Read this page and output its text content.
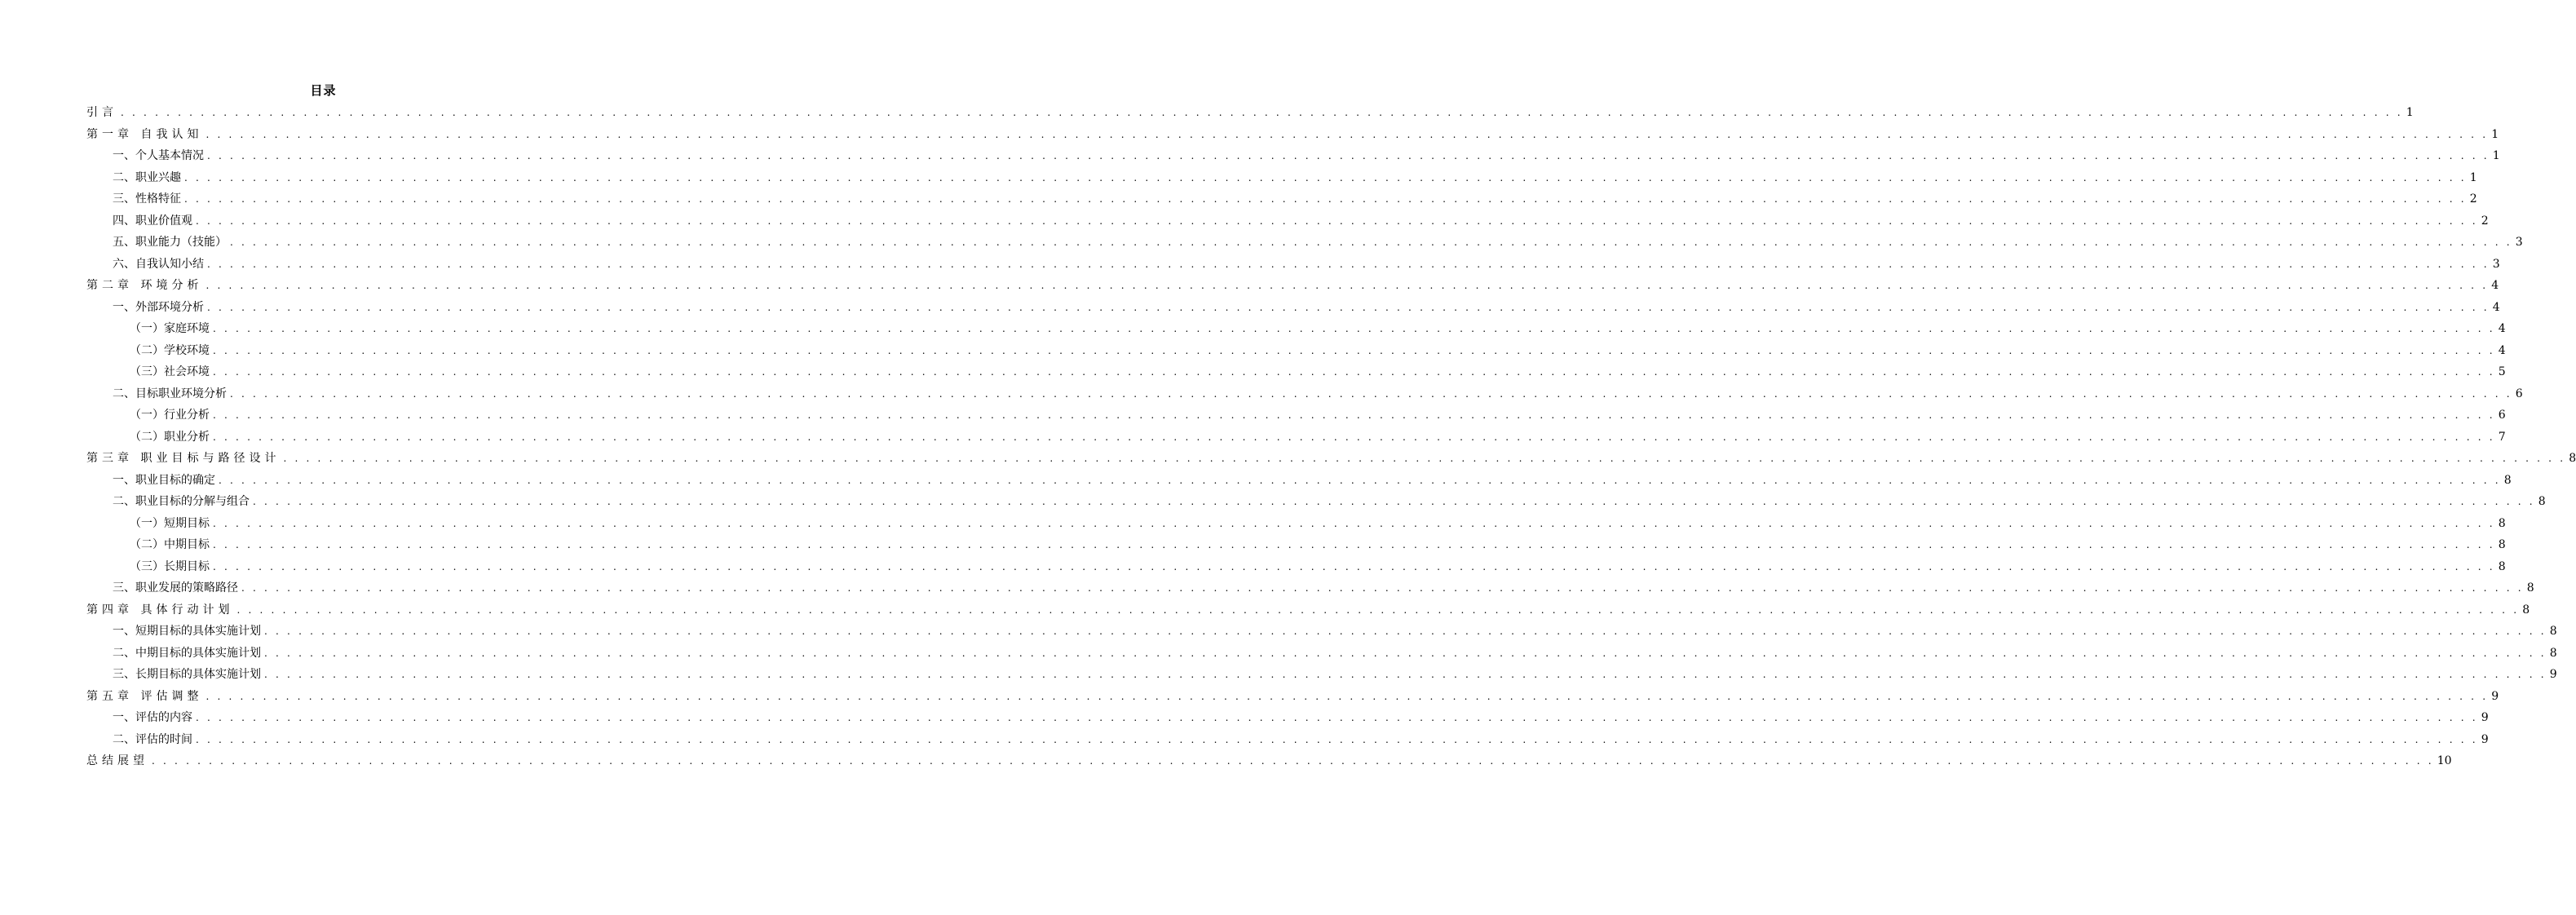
目录
引言 . . . . . . . . . . . . . . . . . . . . . . . . . . . . . . . . . . . . . . . . . . . . . . . . . . . . . . . . . . . . . . . . . . . . . . . . . . . . . . . . . . . . . . . . . . . . . . . . . . . . . . . . . . . . . . . . . . . . . . . . . . . . . . . . . . . . . . . . . . . . . . . . . . . . . . . . . . . . . . . . . . . . . . . . . . . . . . . . . . . . . . . . . . . . . . . . . . . . . . . . 1
第一章 自我认知 . . . . . . . . . . . . . . . . . . . . . . . . . . . . . . . . . . . . . . . . . . . . . . . . . . . . . . . . . . . . . . . . . . . . . . . . . . . . . . . . . . . . . . . . . . . . . . . . . . . . . . . . . . . . . . . . . . . . . . . . . . . . . . . . . . . . . . . . . . . . . . . . . . . . . . . . . . . . . . . . . . . . . . . . . . . . . . . . . . . . . . . . . . . . . . . . . . . . . . . . 1
一、个人基本情况 . . . . . . . . . . . . . . . . . . . . . . . . . . . . . . . . . . . . . . . . . . . . . . . . . . . . . . . . . . . . . . . . . . . . . . . . . . . . . . . . . . . . . . . . . . . . . . . . . . . . . . . . . . . . . . . . . . . . . . . . . . . . . . . . . . . . . . . . . . . . . . . . . . . . . . . . . . . . . . . . . . . . . . . . . . . . . . . . . . . . . . . . . . . . . . . . . . . . . . . . 1
二、职业兴趣 . . . . . . . . . . . . . . . . . . . . . . . . . . . . . . . . . . . . . . . . . . . . . . . . . . . . . . . . . . . . . . . . . . . . . . . . . . . . . . . . . . . . . . . . . . . . . . . . . . . . . . . . . . . . . . . . . . . . . . . . . . . . . . . . . . . . . . . . . . . . . . . . . . . . . . . . . . . . . . . . . . . . . . . . . . . . . . . . . . . . . . . . . . . . . . . . . . . . . . . . 1
三、性格特征 . . . . . . . . . . . . . . . . . . . . . . . . . . . . . . . . . . . . . . . . . . . . . . . . . . . . . . . . . . . . . . . . . . . . . . . . . . . . . . . . . . . . . . . . . . . . . . . . . . . . . . . . . . . . . . . . . . . . . . . . . . . . . . . . . . . . . . . . . . . . . . . . . . . . . . . . . . . . . . . . . . . . . . . . . . . . . . . . . . . . . . . . . . . . . . . . . . . . . . . . 2
四、职业价值观 . . . . . . . . . . . . . . . . . . . . . . . . . . . . . . . . . . . . . . . . . . . . . . . . . . . . . . . . . . . . . . . . . . . . . . . . . . . . . . . . . . . . . . . . . . . . . . . . . . . . . . . . . . . . . . . . . . . . . . . . . . . . . . . . . . . . . . . . . . . . . . . . . . . . . . . . . . . . . . . . . . . . . . . . . . . . . . . . . . . . . . . . . . . . . . . . . . . . . . . . 2
五、职业能力（技能） . . . . . . . . . . . . . . . . . . . . . . . . . . . . . . . . . . . . . . . . . . . . . . . . . . . . . . . . . . . . . . . . . . . . . . . . . . . . . . . . . . . . . . . . . . . . . . . . . . . . . . . . . . . . . . . . . . . . . . . . . . . . . . . . . . . . . . . . . . . . . . . . . . . . . . . . . . . . . . . . . . . . . . . . . . . . . . . . . . . . . . . . . . . . . . . . . . . . . . . . 3
六、自我认知小结 . . . . . . . . . . . . . . . . . . . . . . . . . . . . . . . . . . . . . . . . . . . . . . . . . . . . . . . . . . . . . . . . . . . . . . . . . . . . . . . . . . . . . . . . . . . . . . . . . . . . . . . . . . . . . . . . . . . . . . . . . . . . . . . . . . . . . . . . . . . . . . . . . . . . . . . . . . . . . . . . . . . . . . . . . . . . . . . . . . . . . . . . . . . . . . . . . . . . . . . . 3
第二章 环境分析 . . . . . . . . . . . . . . . . . . . . . . . . . . . . . . . . . . . . . . . . . . . . . . . . . . . . . . . . . . . . . . . . . . . . . . . . . . . . . . . . . . . . . . . . . . . . . . . . . . . . . . . . . . . . . . . . . . . . . . . . . . . . . . . . . . . . . . . . . . . . . . . . . . . . . . . . . . . . . . . . . . . . . . . . . . . . . . . . . . . . . . . . . . . . . . . . . . . . . . . . 4
一、外部环境分析 . . . . . . . . . . . . . . . . . . . . . . . . . . . . . . . . . . . . . . . . . . . . . . . . . . . . . . . . . . . . . . . . . . . . . . . . . . . . . . . . . . . . . . . . . . . . . . . . . . . . . . . . . . . . . . . . . . . . . . . . . . . . . . . . . . . . . . . . . . . . . . . . . . . . . . . . . . . . . . . . . . . . . . . . . . . . . . . . . . . . . . . . . . . . . . . . . . . . . . . . 4
（一）家庭环境 . . . . . . . . . . . . . . . . . . . . . . . . . . . . . . . . . . . . . . . . . . . . . . . . . . . . . . . . . . . . . . . . . . . . . . . . . . . . . . . . . . . . . . . . . . . . . . . . . . . . . . . . . . . . . . . . . . . . . . . . . . . . . . . . . . . . . . . . . . . . . . . . . . . . . . . . . . . . . . . . . . . . . . . . . . . . . . . . . . . . . . . . . . . . . . . . . . . . . . . . 4
（二）学校环境 . . . . . . . . . . . . . . . . . . . . . . . . . . . . . . . . . . . . . . . . . . . . . . . . . . . . . . . . . . . . . . . . . . . . . . . . . . . . . . . . . . . . . . . . . . . . . . . . . . . . . . . . . . . . . . . . . . . . . . . . . . . . . . . . . . . . . . . . . . . . . . . . . . . . . . . . . . . . . . . . . . . . . . . . . . . . . . . . . . . . . . . . . . . . . . . . . . . . . . . . 4
（三）社会环境 . . . . . . . . . . . . . . . . . . . . . . . . . . . . . . . . . . . . . . . . . . . . . . . . . . . . . . . . . . . . . . . . . . . . . . . . . . . . . . . . . . . . . . . . . . . . . . . . . . . . . . . . . . . . . . . . . . . . . . . . . . . . . . . . . . . . . . . . . . . . . . . . . . . . . . . . . . . . . . . . . . . . . . . . . . . . . . . . . . . . . . . . . . . . . . . . . . . . . . . . 5
二、目标职业环境分析 . . . . . . . . . . . . . . . . . . . . . . . . . . . . . . . . . . . . . . . . . . . . . . . . . . . . . . . . . . . . . . . . . . . . . . . . . . . . . . . . . . . . . . . . . . . . . . . . . . . . . . . . . . . . . . . . . . . . . . . . . . . . . . . . . . . . . . . . . . . . . . . . . . . . . . . . . . . . . . . . . . . . . . . . . . . . . . . . . . . . . . . . . . . . . . . . . . . . . . . . 6
（一）行业分析 . . . . . . . . . . . . . . . . . . . . . . . . . . . . . . . . . . . . . . . . . . . . . . . . . . . . . . . . . . . . . . . . . . . . . . . . . . . . . . . . . . . . . . . . . . . . . . . . . . . . . . . . . . . . . . . . . . . . . . . . . . . . . . . . . . . . . . . . . . . . . . . . . . . . . . . . . . . . . . . . . . . . . . . . . . . . . . . . . . . . . . . . . . . . . . . . . . . . . . . . 6
（二）职业分析 . . . . . . . . . . . . . . . . . . . . . . . . . . . . . . . . . . . . . . . . . . . . . . . . . . . . . . . . . . . . . . . . . . . . . . . . . . . . . . . . . . . . . . . . . . . . . . . . . . . . . . . . . . . . . . . . . . . . . . . . . . . . . . . . . . . . . . . . . . . . . . . . . . . . . . . . . . . . . . . . . . . . . . . . . . . . . . . . . . . . . . . . . . . . . . . . . . . . . . . . 7
第三章 职业目标与路径设计 . . . . . . . . . . . . . . . . . . . . . . . . . . . . . . . . . . . . . . . . . . . . . . . . . . . . . . . . . . . . . . . . . . . . . . . . . . . . . . . . . . . . . . . . . . . . . . . . . . . . . . . . . . . . . . . . . . . . . . . . . . . . . . . . . . . . . . . . . . . . . . . . . . . . . . . . . . . . . . . . . . . . . . . . . . . . . . . . . . . . . . . . . . . . . . . . . . . . . . . . 8
一、职业目标的确定 . . . . . . . . . . . . . . . . . . . . . . . . . . . . . . . . . . . . . . . . . . . . . . . . . . . . . . . . . . . . . . . . . . . . . . . . . . . . . . . . . . . . . . . . . . . . . . . . . . . . . . . . . . . . . . . . . . . . . . . . . . . . . . . . . . . . . . . . . . . . . . . . . . . . . . . . . . . . . . . . . . . . . . . . . . . . . . . . . . . . . . . . . . . . . . . . . . . . . . . . 8
二、职业目标的分解与组合 . . . . . . . . . . . . . . . . . . . . . . . . . . . . . . . . . . . . . . . . . . . . . . . . . . . . . . . . . . . . . . . . . . . . . . . . . . . . . . . . . . . . . . . . . . . . . . . . . . . . . . . . . . . . . . . . . . . . . . . . . . . . . . . . . . . . . . . . . . . . . . . . . . . . . . . . . . . . . . . . . . . . . . . . . . . . . . . . . . . . . . . . . . . . . . . . . . . . . . . . 8
（一）短期目标 . . . . . . . . . . . . . . . . . . . . . . . . . . . . . . . . . . . . . . . . . . . . . . . . . . . . . . . . . . . . . . . . . . . . . . . . . . . . . . . . . . . . . . . . . . . . . . . . . . . . . . . . . . . . . . . . . . . . . . . . . . . . . . . . . . . . . . . . . . . . . . . . . . . . . . . . . . . . . . . . . . . . . . . . . . . . . . . . . . . . . . . . . . . . . . . . . . . . . . . . 8
（二）中期目标 . . . . . . . . . . . . . . . . . . . . . . . . . . . . . . . . . . . . . . . . . . . . . . . . . . . . . . . . . . . . . . . . . . . . . . . . . . . . . . . . . . . . . . . . . . . . . . . . . . . . . . . . . . . . . . . . . . . . . . . . . . . . . . . . . . . . . . . . . . . . . . . . . . . . . . . . . . . . . . . . . . . . . . . . . . . . . . . . . . . . . . . . . . . . . . . . . . . . . . . . 8
（三）长期目标 . . . . . . . . . . . . . . . . . . . . . . . . . . . . . . . . . . . . . . . . . . . . . . . . . . . . . . . . . . . . . . . . . . . . . . . . . . . . . . . . . . . . . . . . . . . . . . . . . . . . . . . . . . . . . . . . . . . . . . . . . . . . . . . . . . . . . . . . . . . . . . . . . . . . . . . . . . . . . . . . . . . . . . . . . . . . . . . . . . . . . . . . . . . . . . . . . . . . . . . . 8
三、职业发展的策略路径 . . . . . . . . . . . . . . . . . . . . . . . . . . . . . . . . . . . . . . . . . . . . . . . . . . . . . . . . . . . . . . . . . . . . . . . . . . . . . . . . . . . . . . . . . . . . . . . . . . . . . . . . . . . . . . . . . . . . . . . . . . . . . . . . . . . . . . . . . . . . . . . . . . . . . . . . . . . . . . . . . . . . . . . . . . . . . . . . . . . . . . . . . . . . . . . . . . . . . . . . 8
第四章 具体行动计划 . . . . . . . . . . . . . . . . . . . . . . . . . . . . . . . . . . . . . . . . . . . . . . . . . . . . . . . . . . . . . . . . . . . . . . . . . . . . . . . . . . . . . . . . . . . . . . . . . . . . . . . . . . . . . . . . . . . . . . . . . . . . . . . . . . . . . . . . . . . . . . . . . . . . . . . . . . . . . . . . . . . . . . . . . . . . . . . . . . . . . . . . . . . . . . . . . . . . . . . . 8
一、短期目标的具体实施计划 . . . . . . . . . . . . . . . . . . . . . . . . . . . . . . . . . . . . . . . . . . . . . . . . . . . . . . . . . . . . . . . . . . . . . . . . . . . . . . . . . . . . . . . . . . . . . . . . . . . . . . . . . . . . . . . . . . . . . . . . . . . . . . . . . . . . . . . . . . . . . . . . . . . . . . . . . . . . . . . . . . . . . . . . . . . . . . . . . . . . . . . . . . . . . . . . . . . . . . . . 8
二、中期目标的具体实施计划 . . . . . . . . . . . . . . . . . . . . . . . . . . . . . . . . . . . . . . . . . . . . . . . . . . . . . . . . . . . . . . . . . . . . . . . . . . . . . . . . . . . . . . . . . . . . . . . . . . . . . . . . . . . . . . . . . . . . . . . . . . . . . . . . . . . . . . . . . . . . . . . . . . . . . . . . . . . . . . . . . . . . . . . . . . . . . . . . . . . . . . . . . . . . . . . . . . . . . . . . 8
三、长期目标的具体实施计划 . . . . . . . . . . . . . . . . . . . . . . . . . . . . . . . . . . . . . . . . . . . . . . . . . . . . . . . . . . . . . . . . . . . . . . . . . . . . . . . . . . . . . . . . . . . . . . . . . . . . . . . . . . . . . . . . . . . . . . . . . . . . . . . . . . . . . . . . . . . . . . . . . . . . . . . . . . . . . . . . . . . . . . . . . . . . . . . . . . . . . . . . . . . . . . . . . . . . . . . . 9
第五章 评估调整 . . . . . . . . . . . . . . . . . . . . . . . . . . . . . . . . . . . . . . . . . . . . . . . . . . . . . . . . . . . . . . . . . . . . . . . . . . . . . . . . . . . . . . . . . . . . . . . . . . . . . . . . . . . . . . . . . . . . . . . . . . . . . . . . . . . . . . . . . . . . . . . . . . . . . . . . . . . . . . . . . . . . . . . . . . . . . . . . . . . . . . . . . . . . . . . . . . . . . . . . 9
一、评估的内容 . . . . . . . . . . . . . . . . . . . . . . . . . . . . . . . . . . . . . . . . . . . . . . . . . . . . . . . . . . . . . . . . . . . . . . . . . . . . . . . . . . . . . . . . . . . . . . . . . . . . . . . . . . . . . . . . . . . . . . . . . . . . . . . . . . . . . . . . . . . . . . . . . . . . . . . . . . . . . . . . . . . . . . . . . . . . . . . . . . . . . . . . . . . . . . . . . . . . . . . . 9
二、评估的时间 . . . . . . . . . . . . . . . . . . . . . . . . . . . . . . . . . . . . . . . . . . . . . . . . . . . . . . . . . . . . . . . . . . . . . . . . . . . . . . . . . . . . . . . . . . . . . . . . . . . . . . . . . . . . . . . . . . . . . . . . . . . . . . . . . . . . . . . . . . . . . . . . . . . . . . . . . . . . . . . . . . . . . . . . . . . . . . . . . . . . . . . . . . . . . . . . . . . . . . . . 9
总结展望 . . . . . . . . . . . . . . . . . . . . . . . . . . . . . . . . . . . . . . . . . . . . . . . . . . . . . . . . . . . . . . . . . . . . . . . . . . . . . . . . . . . . . . . . . . . . . . . . . . . . . . . . . . . . . . . . . . . . . . . . . . . . . . . . . . . . . . . . . . . . . . . . . . . . . . . . . . . . . . . . . . . . . . . . . . . . . . . . . . . . . . . . . . . . . . . . . . . . . . . . 10
